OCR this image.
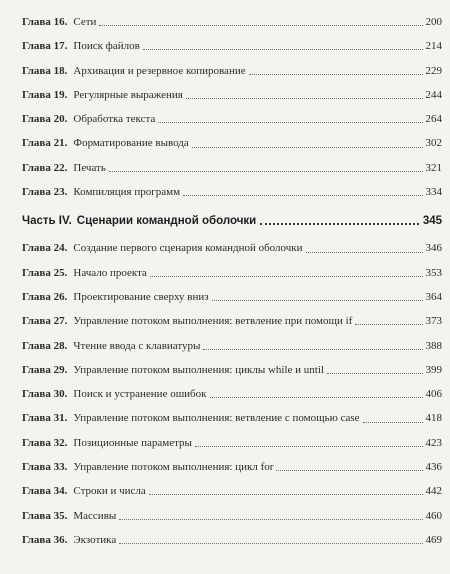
Глава 16. Сети	200
Глава 17. Поиск файлов	214
Глава 18. Архивация и резервное копирование	229
Глава 19. Регулярные выражения	244
Глава 20. Обработка текста	264
Глава 21. Форматирование вывода	302
Глава 22. Печать	321
Глава 23. Компиляция программ	334
Часть IV. Сценарии командной оболочки	345
Глава 24. Создание первого сценария командной оболочки	346
Глава 25. Начало проекта	353
Глава 26. Проектирование сверху вниз	364
Глава 27. Управление потоком выполнения: ветвление при помощи if	373
Глава 28. Чтение ввода с клавиатуры	388
Глава 29. Управление потоком выполнения: циклы while и until	399
Глава 30. Поиск и устранение ошибок	406
Глава 31. Управление потоком выполнения: ветвление с помощью case	418
Глава 32. Позиционные параметры	423
Глава 33. Управление потоком выполнения: цикл for	436
Глава 34. Строки и числа	442
Глава 35. Массивы	460
Глава 36. Экзотика	469
